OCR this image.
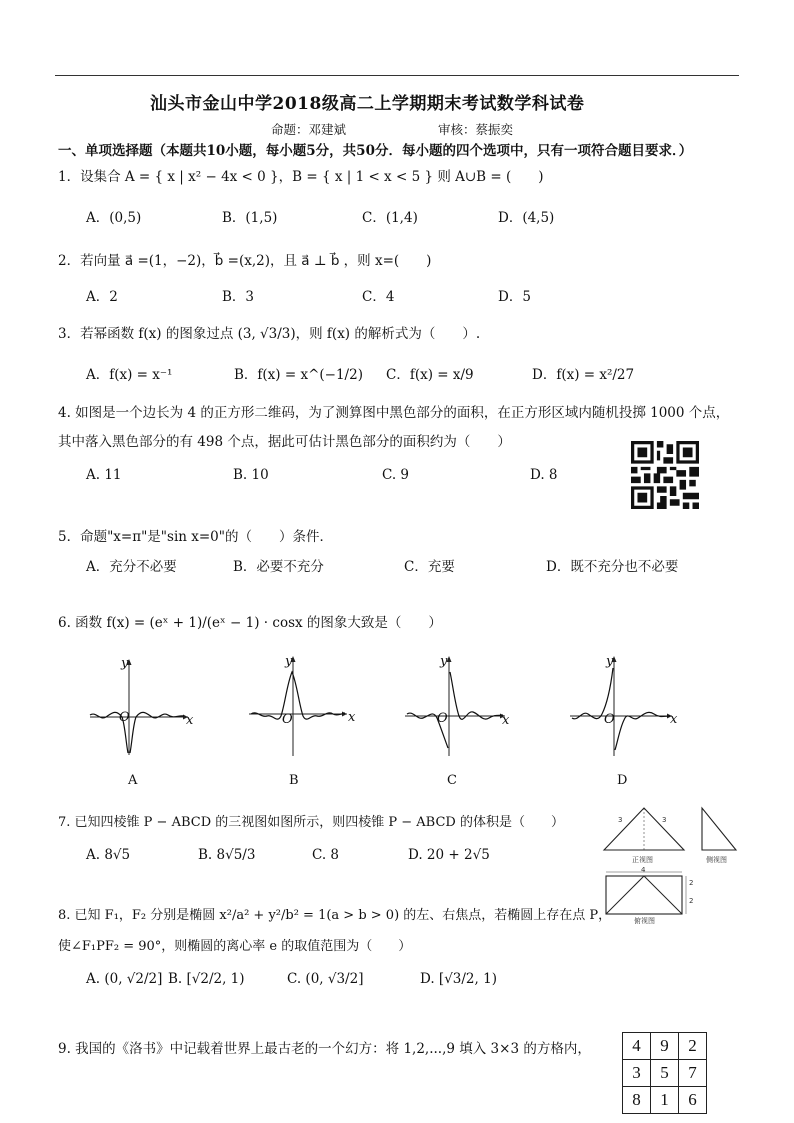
汕头市金山中学2018级高二上学期期末考试数学科试卷
命题：邓建斌	审核：蔡振奕
一、单项选择题（本题共10小题，每小题5分，共50分．每小题的四个选项中，只有一项符合题目要求．）
1．设集合 A = { x | x² − 4x < 0 }，B = { x | 1 < x < 5 } 则 A∪B = (　　)
A．(0,5)	B．(1,5)	C．(1,4)	D．(4,5)
2．若向量 a⃗ =(1，−2)，b⃗ =(x,2)，且 a⃗ ⊥ b⃗ ，则 x=(　　)
A．2	B．3	C．4	D．5
3．若幂函数 f(x) 的图象过点 (3, √3/3)，则 f(x) 的解析式为（　　）.
A．f(x) = x⁻¹	B．f(x) = x^(−1/2) C．f(x) = x/9	D．f(x) = x²/27
4. 如图是一个边长为 4 的正方形二维码，为了测算图中黑色部分的面积，在正方形区域内随机投掷 1000 个点，
其中落入黑色部分的有 498 个点，据此可估计黑色部分的面积约为（　　）
A. 11	B. 10	C. 9	D. 8
5．命题"x=π"是"sin x=0"的（　　）条件．
A．充分不必要	B．必要不充分	C．充要	D．既不充分也不必要
6. 函数 f(x) = (eˣ + 1)/(eˣ − 1) · cosx 的图象大致是（　　）
y
x
O
y
x
O
y
x
O
y
x
O
A	B	C	D
7. 已知四棱锥 P − ABCD 的三视图如图所示，则四棱锥 P − ABCD 的体积是（　　）
A. 8√5	B. 8√5/3	C. 8	D. 20 + 2√5
3	3
正视图	侧视图
4
2
2
俯视图
8. 已知 F₁，F₂ 分别是椭圆 x²/a² + y²/b² = 1(a > b > 0) 的左、右焦点，若椭圆上存在点 P，
使∠F₁PF₂ = 90°，则椭圆的离心率 e 的取值范围为（　　）
A. (0, √2/2] B. [√2/2, 1)	C. (0, √3/2]	D. [√3/2, 1)
9. 我国的《洛书》中记载着世界上最古老的一个幻方：将 1,2,...,9 填入 3×3 的方格内， 4	9	2
3	5	7
8	1	6
